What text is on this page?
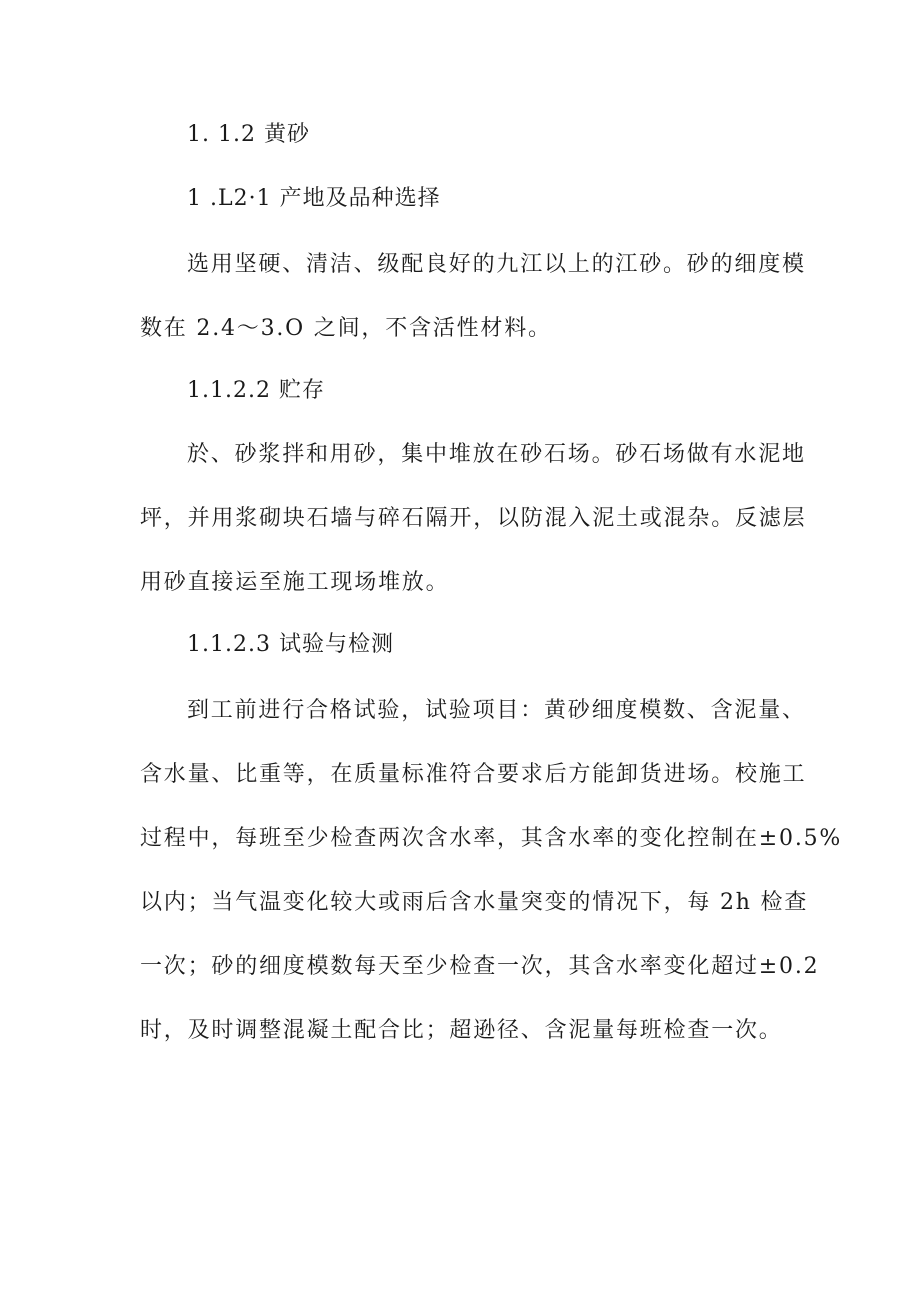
1. 1.2 黄砂
1 .L2·1 产地及品种选择
选用坚硬、清洁、级配良好的九江以上的江砂。砂的细度模
数在 2.4～3.O 之间，不含活性材料。
1.1.2.2 贮存
於、砂浆拌和用砂，集中堆放在砂石场。砂石场做有水泥地
坪，并用浆砌块石墙与碎石隔开，以防混入泥土或混杂。反滤层
用砂直接运至施工现场堆放。
1.1.2.3 试验与检测
到工前进行合格试验，试验项目：黄砂细度模数、含泥量、
含水量、比重等，在质量标准符合要求后方能卸货进场。校施工
过程中，每班至少检查两次含水率，其含水率的变化控制在±0.5%
以内；当气温变化较大或雨后含水量突变的情况下，每 2h 检查
一次；砂的细度模数每天至少检查一次，其含水率变化超过±0.2
时，及时调整混凝土配合比；超逊径、含泥量每班检查一次。
